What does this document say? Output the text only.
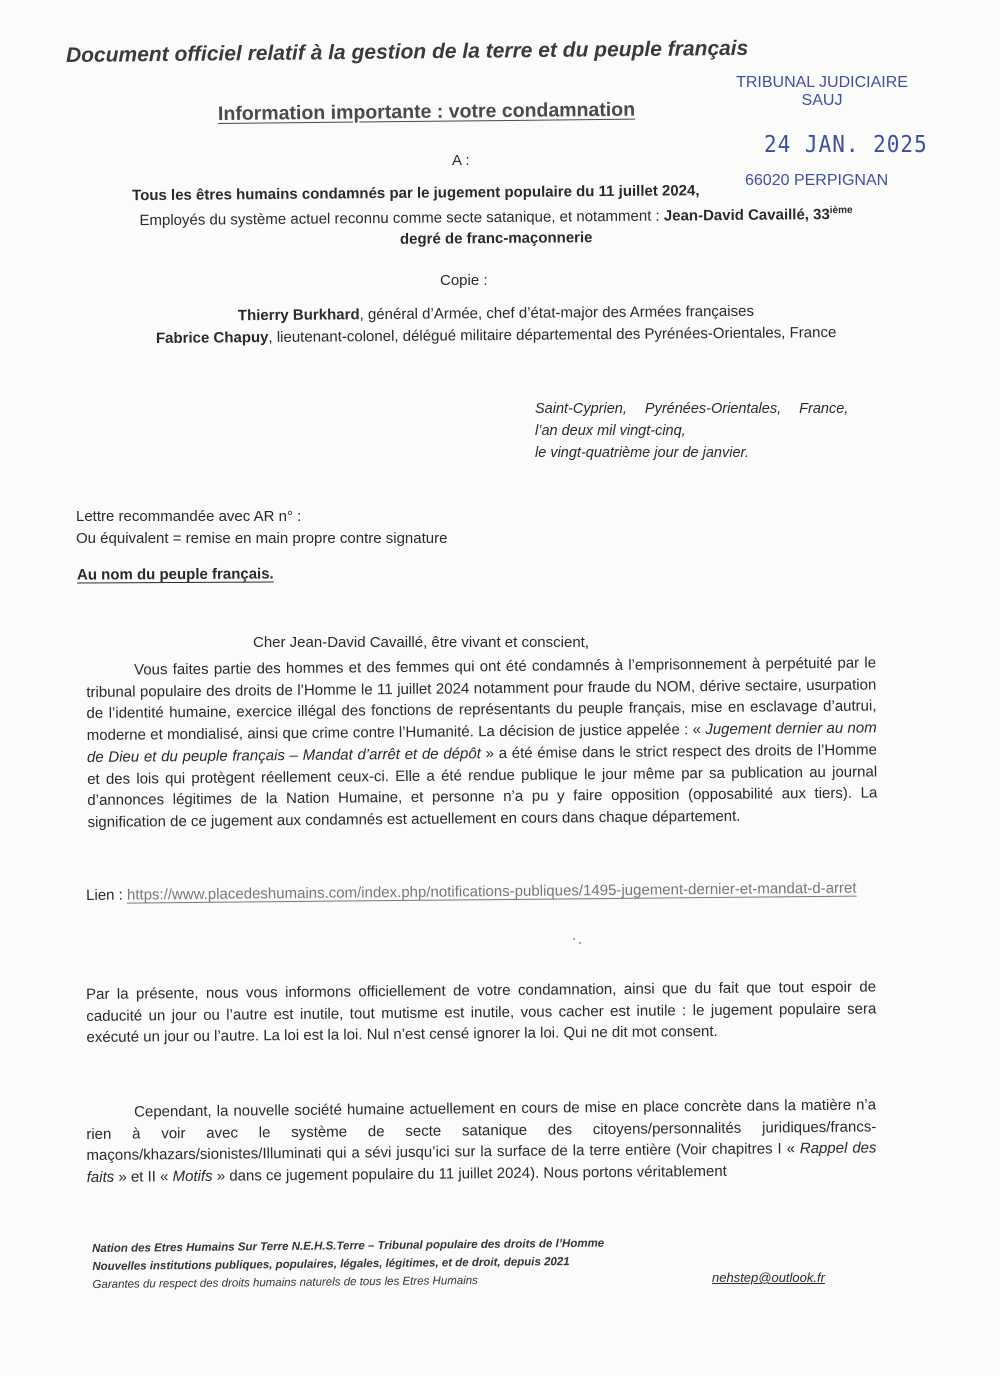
Document officiel relatif à la gestion de la terre et du peuple français
Information importante : votre condamnation
TRIBUNAL JUDICIAIRE
SAUJ
24 JAN. 2025
66020 PERPIGNAN
A :
Tous les êtres humains condamnés par le jugement populaire du 11 juillet 2024,
Employés du système actuel reconnu comme secte satanique, et notamment : Jean-David Cavaillé, 33ième
degré de franc-maçonnerie
Copie :
Thierry Burkhard, général d’Armée, chef d’état-major des Armées françaises
Fabrice Chapuy, lieutenant-colonel, délégué militaire départemental des Pyrénées-Orientales, France
Saint-Cyprien, Pyrénées-Orientales, France,
l’an deux mil vingt-cinq,
le vingt-quatrième jour de janvier.
Lettre recommandée avec AR n° :
Ou équivalent = remise en main propre contre signature
Au nom du peuple français.
Cher Jean-David Cavaillé, être vivant et conscient,
Vous faites partie des hommes et des femmes qui ont été condamnés à l’emprisonnement à perpétuité par le tribunal populaire des droits de l’Homme le 11 juillet 2024 notamment pour fraude du NOM, dérive sectaire, usurpation de l’identité humaine, exercice illégal des fonctions de représentants du peuple français, mise en esclavage d’autrui, moderne et mondialisé, ainsi que crime contre l’Humanité. La décision de justice appelée : « Jugement dernier au nom de Dieu et du peuple français – Mandat d’arrêt et de dépôt » a été émise dans le strict respect des droits de l’Homme et des lois qui protègent réellement ceux-ci. Elle a été rendue publique le jour même par sa publication au journal d’annonces légitimes de la Nation Humaine, et personne n’a pu y faire opposition (opposabilité aux tiers). La signification de ce jugement aux condamnés est actuellement en cours dans chaque département.
Lien : https://www.placedeshumains.com/index.php/notifications-publiques/1495-jugement-dernier-et-mandat-d-arret
Par la présente, nous vous informons officiellement de votre condamnation, ainsi que du fait que tout espoir de caducité un jour ou l’autre est inutile, tout mutisme est inutile, vous cacher est inutile : le jugement populaire sera exécuté un jour ou l’autre. La loi est la loi. Nul n’est censé ignorer la loi. Qui ne dit mot consent.
Cependant, la nouvelle société humaine actuellement en cours de mise en place concrète dans la matière n’a rien à voir avec le système de secte satanique des citoyens/personnalités juridiques/francs-maçons/khazars/sionistes/Illuminati qui a sévi jusqu’ici sur la surface de la terre entière (Voir chapitres I « Rappel des faits » et II « Motifs » dans ce jugement populaire du 11 juillet 2024). Nous portons véritablement
Nation des Etres Humains Sur Terre N.E.H.S.Terre – Tribunal populaire des droits de l’Homme
Nouvelles institutions publiques, populaires, légales, légitimes, et de droit, depuis 2021
Garantes du respect des droits humains naturels de tous les Etres Humains	nehstep@outlook.fr
